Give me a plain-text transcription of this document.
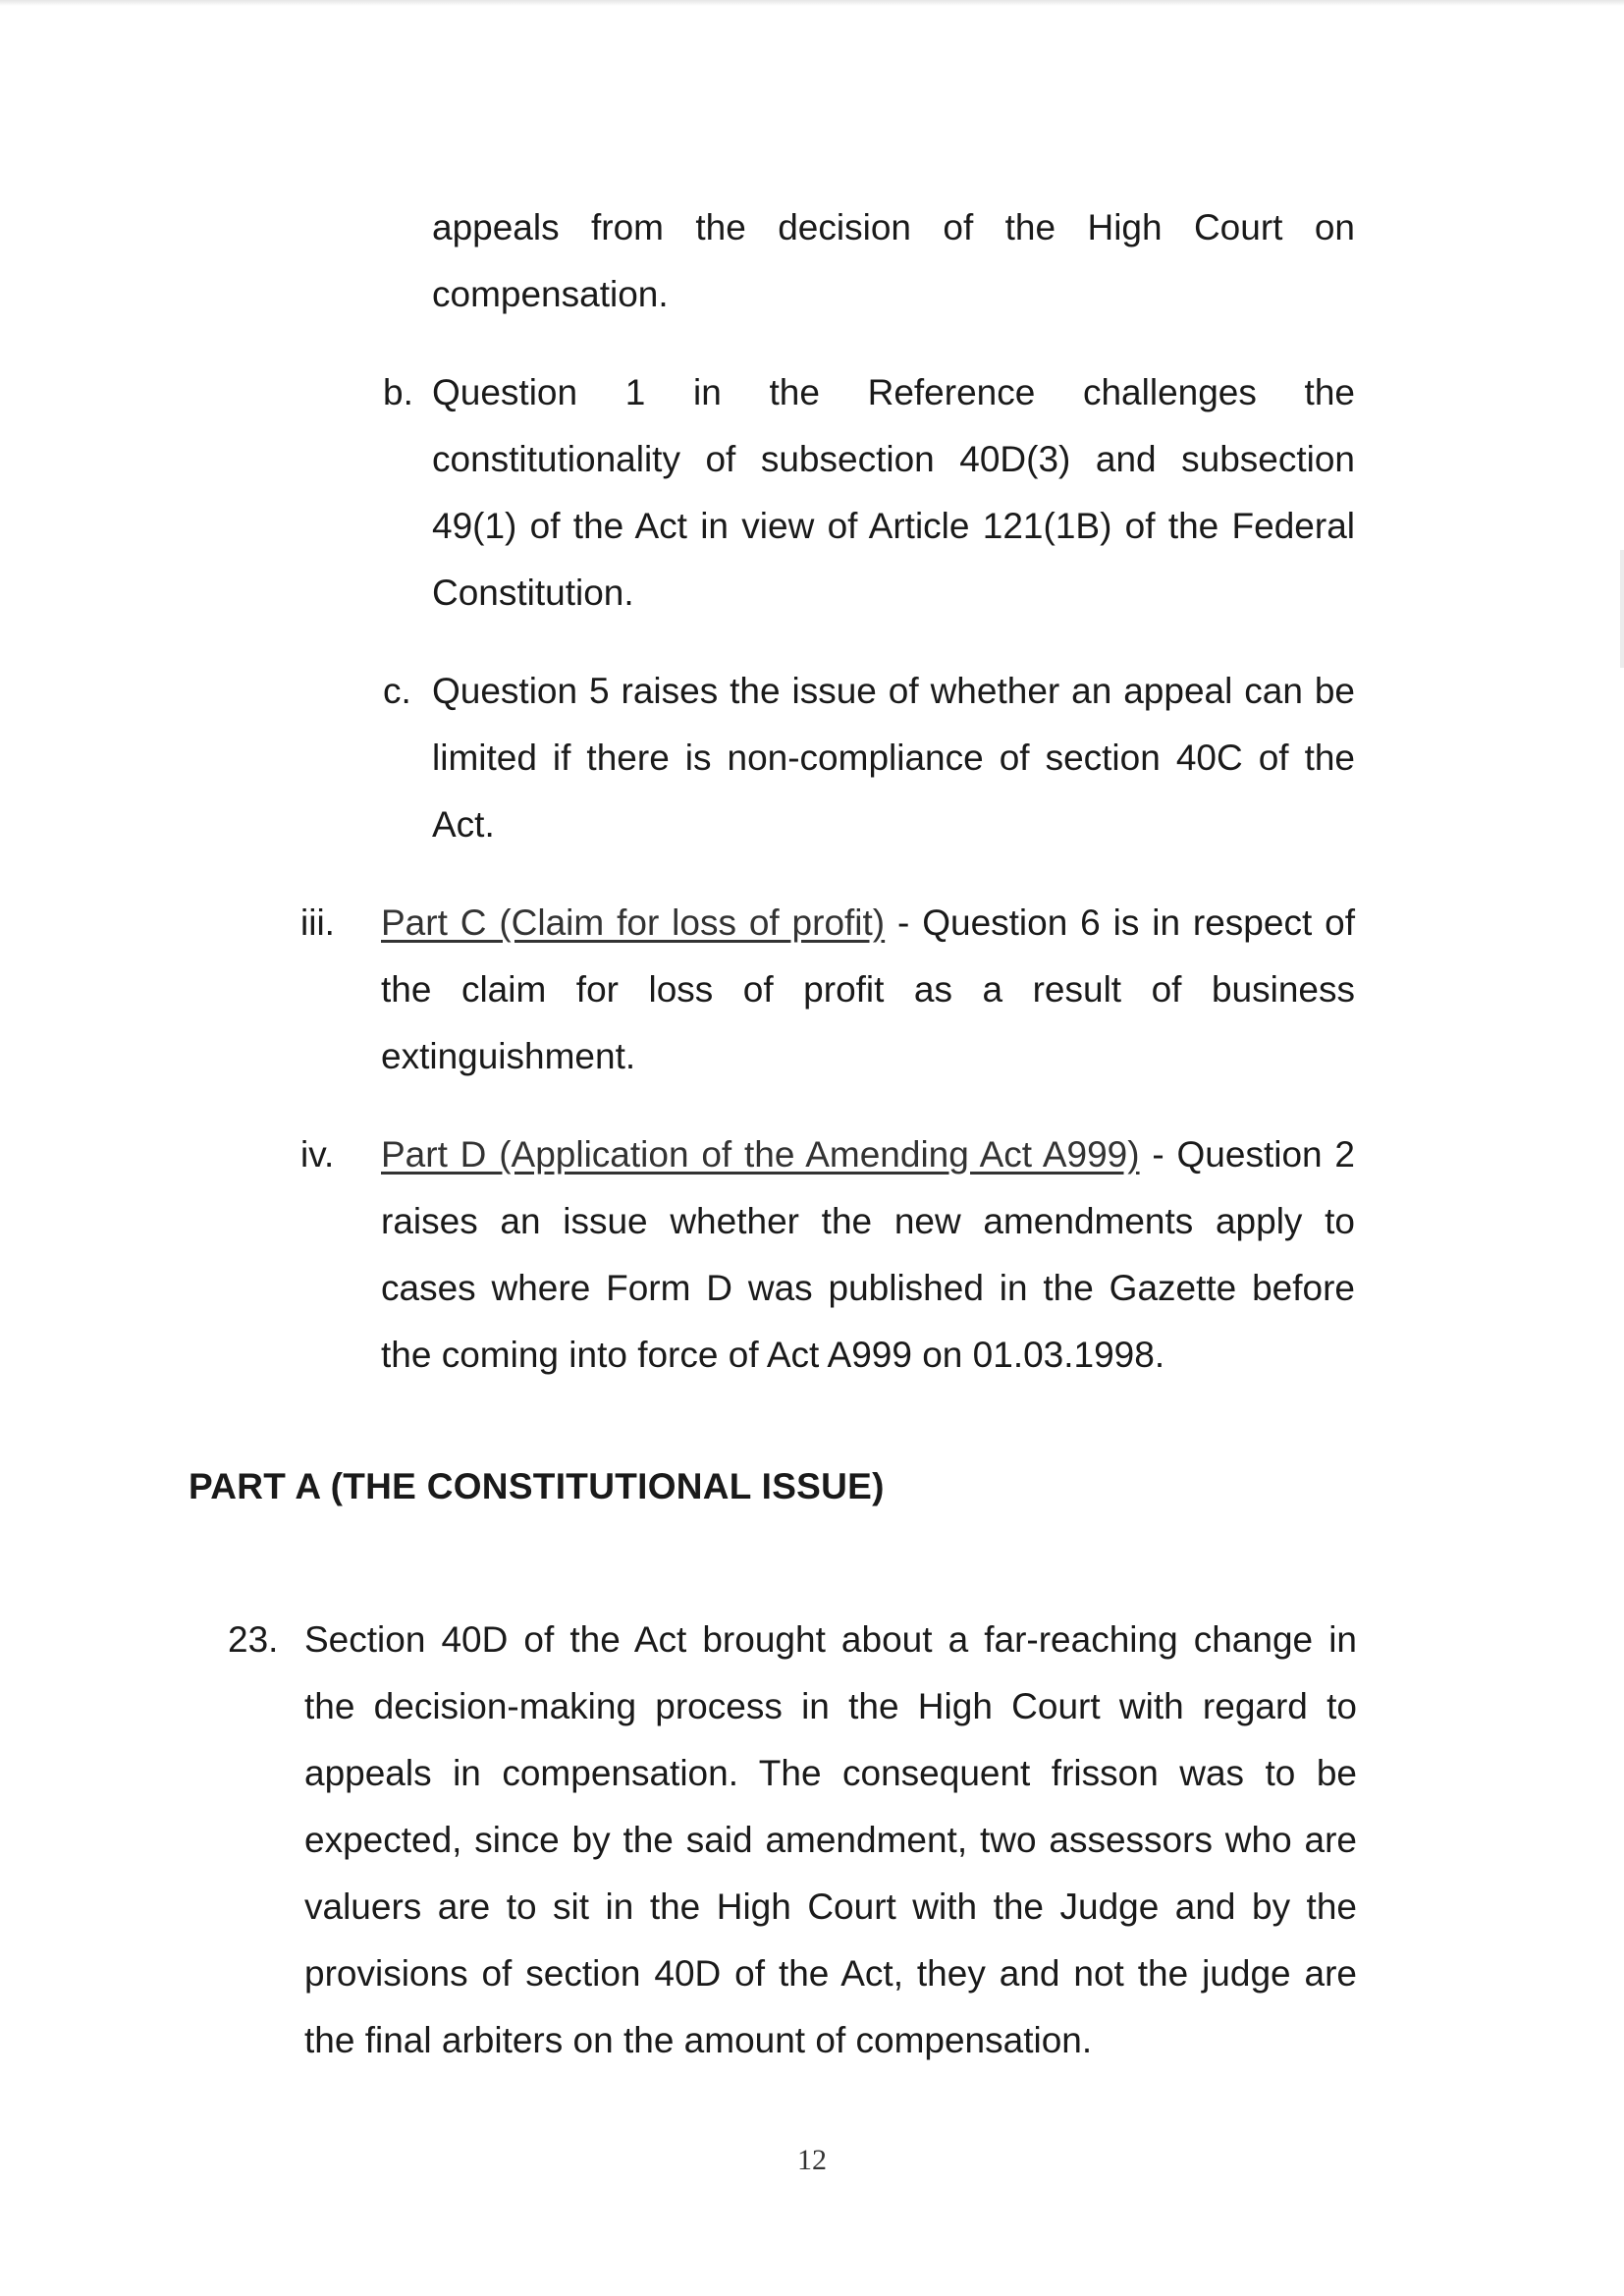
appeals from the decision of the High Court on compensation.

b. Question 1 in the Reference challenges the constitutionality of subsection 40D(3) and subsection 49(1) of the Act in view of Article 121(1B) of the Federal Constitution.

c. Question 5 raises the issue of whether an appeal can be limited if there is non-compliance of section 40C of the Act.

iii. Part C (Claim for loss of profit) - Question 6 is in respect of the claim for loss of profit as a result of business extinguishment.

iv. Part D (Application of the Amending Act A999) - Question 2 raises an issue whether the new amendments apply to cases where Form D was published in the Gazette before the coming into force of Act A999 on 01.03.1998.

PART A (THE CONSTITUTIONAL ISSUE)
23. Section 40D of the Act brought about a far-reaching change in the decision-making process in the High Court with regard to appeals in compensation. The consequent frisson was to be expected, since by the said amendment, two assessors who are valuers are to sit in the High Court with the Judge and by the provisions of section 40D of the Act, they and not the judge are the final arbiters on the amount of compensation.

12
